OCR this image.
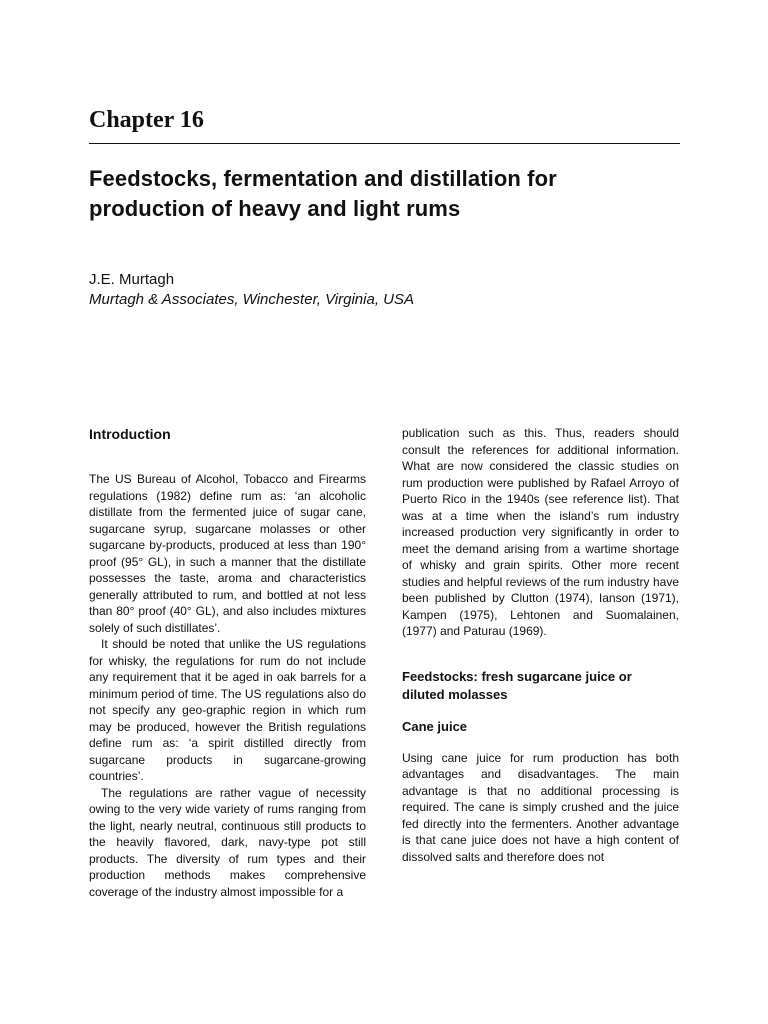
Chapter 16
Feedstocks, fermentation and distillation for
production of heavy and light rums

J.E. Murtagh

Murtagh & Associates, Winchester, Virginia, USA

Introduction

The US Bureau of Alcohol, Tobacco and Firearms regulations (1982) define rum as: ‘an alcoholic distillate from the fermented juice of sugar cane, sugarcane syrup, sugarcane molasses or other sugarcane by-products, produced at less than 190° proof (95° GL), in such a manner that the distillate possesses the taste, aroma and characteristics generally attributed to rum, and bottled at not less than 80° proof (40° GL), and also includes mixtures solely of such distillates’.

It should be noted that unlike the US regulations for whisky, the regulations for rum do not include any requirement that it be aged in oak barrels for a minimum period of time. The US regulations also do not specify any geo-graphic region in which rum may be produced, however the British regulations define rum as: ‘a spirit distilled directly from sugarcane products in sugarcane-growing countries’.

The regulations are rather vague of necessity owing to the very wide variety of rums ranging from the light, nearly neutral, continuous still products to the heavily flavored, dark, navy-type pot still products. The diversity of rum types and their production methods makes comprehensive coverage of the industry almost impossible for a

publication such as this. Thus, readers should consult the references for additional information. What are now considered the classic studies on rum production were published by Rafael Arroyo of Puerto Rico in the 1940s (see reference list). That was at a time when the island’s rum industry increased production very significantly in order to meet the demand arising from a wartime shortage of whisky and grain spirits. Other more recent studies and helpful reviews of the rum industry have been published by Clutton (1974), Ianson (1971), Kampen (1975), Lehtonen and Suomalainen, (1977) and Paturau (1969).

Feedstocks: fresh sugarcane juice or
diluted molasses
Cane juice

Using cane juice for rum production has both advantages and disadvantages. The main advantage is that no additional processing is required. The cane is simply crushed and the juice fed directly into the fermenters. Another advantage is that cane juice does not have a high content of dissolved salts and therefore does not
